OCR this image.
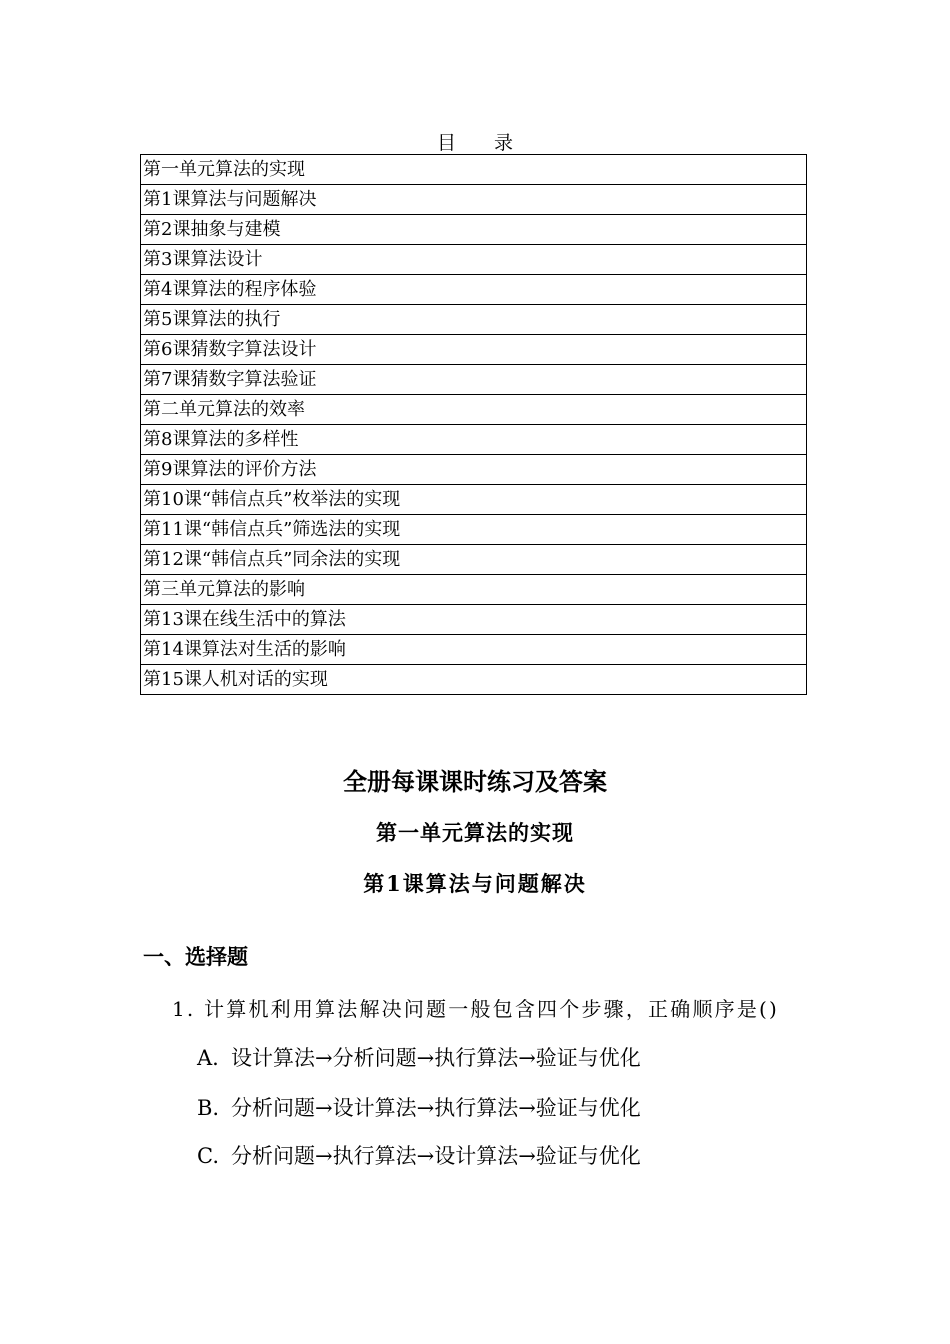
目录
第一单元算法的实现
第1课算法与问题解决
第2课抽象与建模
第3课算法设计
第4课算法的程序体验
第5课算法的执行
第6课猜数字算法设计
第7课猜数字算法验证
第二单元算法的效率
第8课算法的多样性
第9课算法的评价方法
第10课“韩信点兵”枚举法的实现
第11课“韩信点兵”筛选法的实现
第12课“韩信点兵”同余法的实现
第三单元算法的影响
第13课在线生活中的算法
第14课算法对生活的影响
第15课人机对话的实现
全册每课课时练习及答案
第一单元算法的实现
第1课算法与问题解决
一、选择题
1. 计算机利用算法解决问题一般包含四个步骤，正确顺序是()
A. 设计算法→分析问题→执行算法→验证与优化
B. 分析问题→设计算法→执行算法→验证与优化
C. 分析问题→执行算法→设计算法→验证与优化
